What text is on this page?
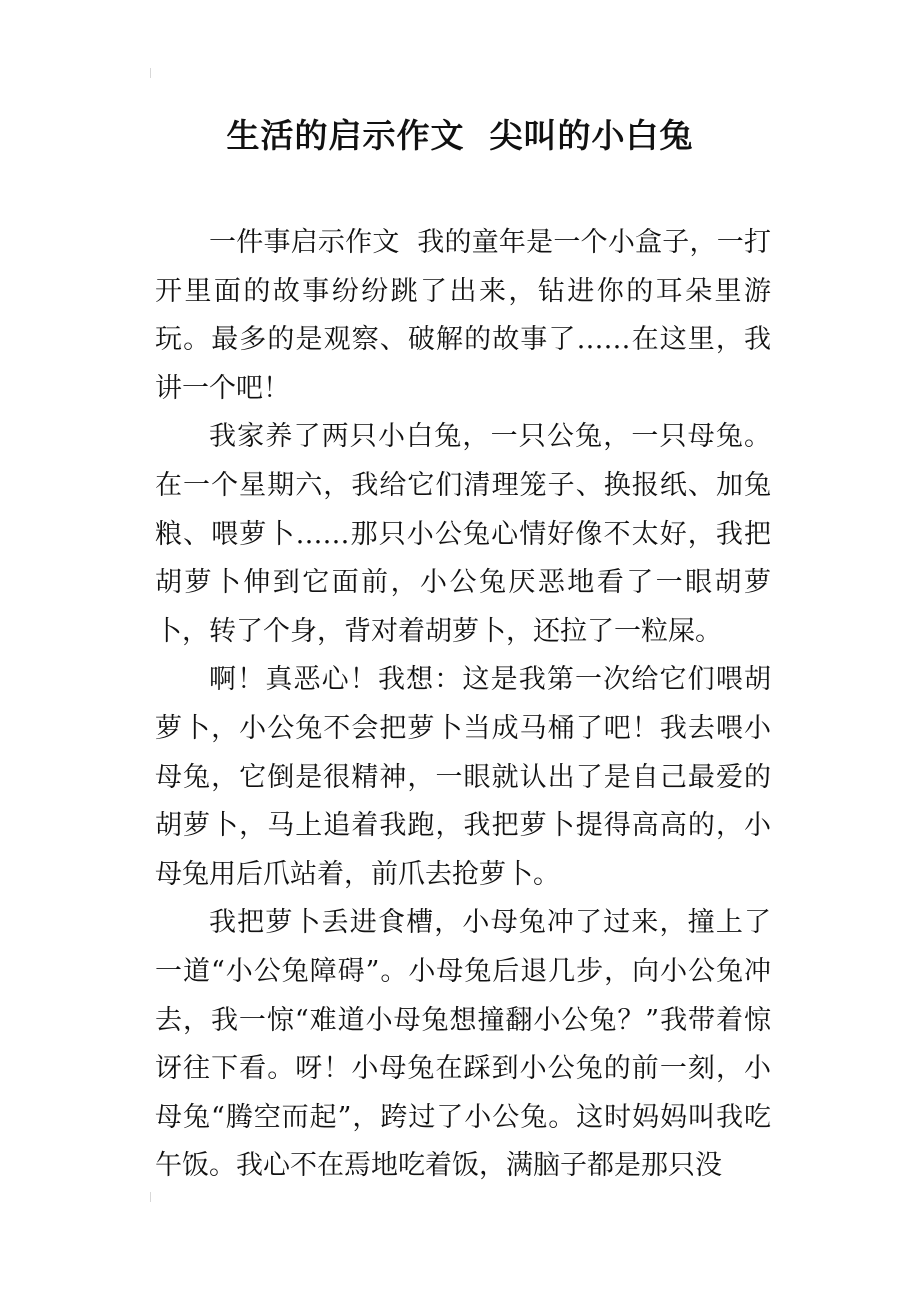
生活的启示作文  尖叫的小白兔

一件事启示作文  我的童年是一个小盒子，一打开里面的故事纷纷跳了出来，钻进你的耳朵里游玩。最多的是观察、破解的故事了……在这里，我讲一个吧！

我家养了两只小白兔，一只公兔，一只母兔。在一个星期六，我给它们清理笼子、换报纸、加兔粮、喂萝卜……那只小公兔心情好像不太好，我把胡萝卜伸到它面前，小公兔厌恶地看了一眼胡萝卜，转了个身，背对着胡萝卜，还拉了一粒屎。

啊！真恶心！我想：这是我第一次给它们喂胡萝卜，小公兔不会把萝卜当成马桶了吧！我去喂小母兔，它倒是很精神，一眼就认出了是自己最爱的胡萝卜，马上追着我跑，我把萝卜提得高高的，小母兔用后爪站着，前爪去抢萝卜。

我把萝卜丢进食槽，小母兔冲了过来，撞上了一道“小公兔障碍”。小母兔后退几步，向小公兔冲去，我一惊“难道小母兔想撞翻小公兔？”我带着惊讶往下看。呀！小母兔在踩到小公兔的前一刻，小母兔“腾空而起”，跨过了小公兔。这时妈妈叫我吃午饭。我心不在焉地吃着饭，满脑子都是那只没
